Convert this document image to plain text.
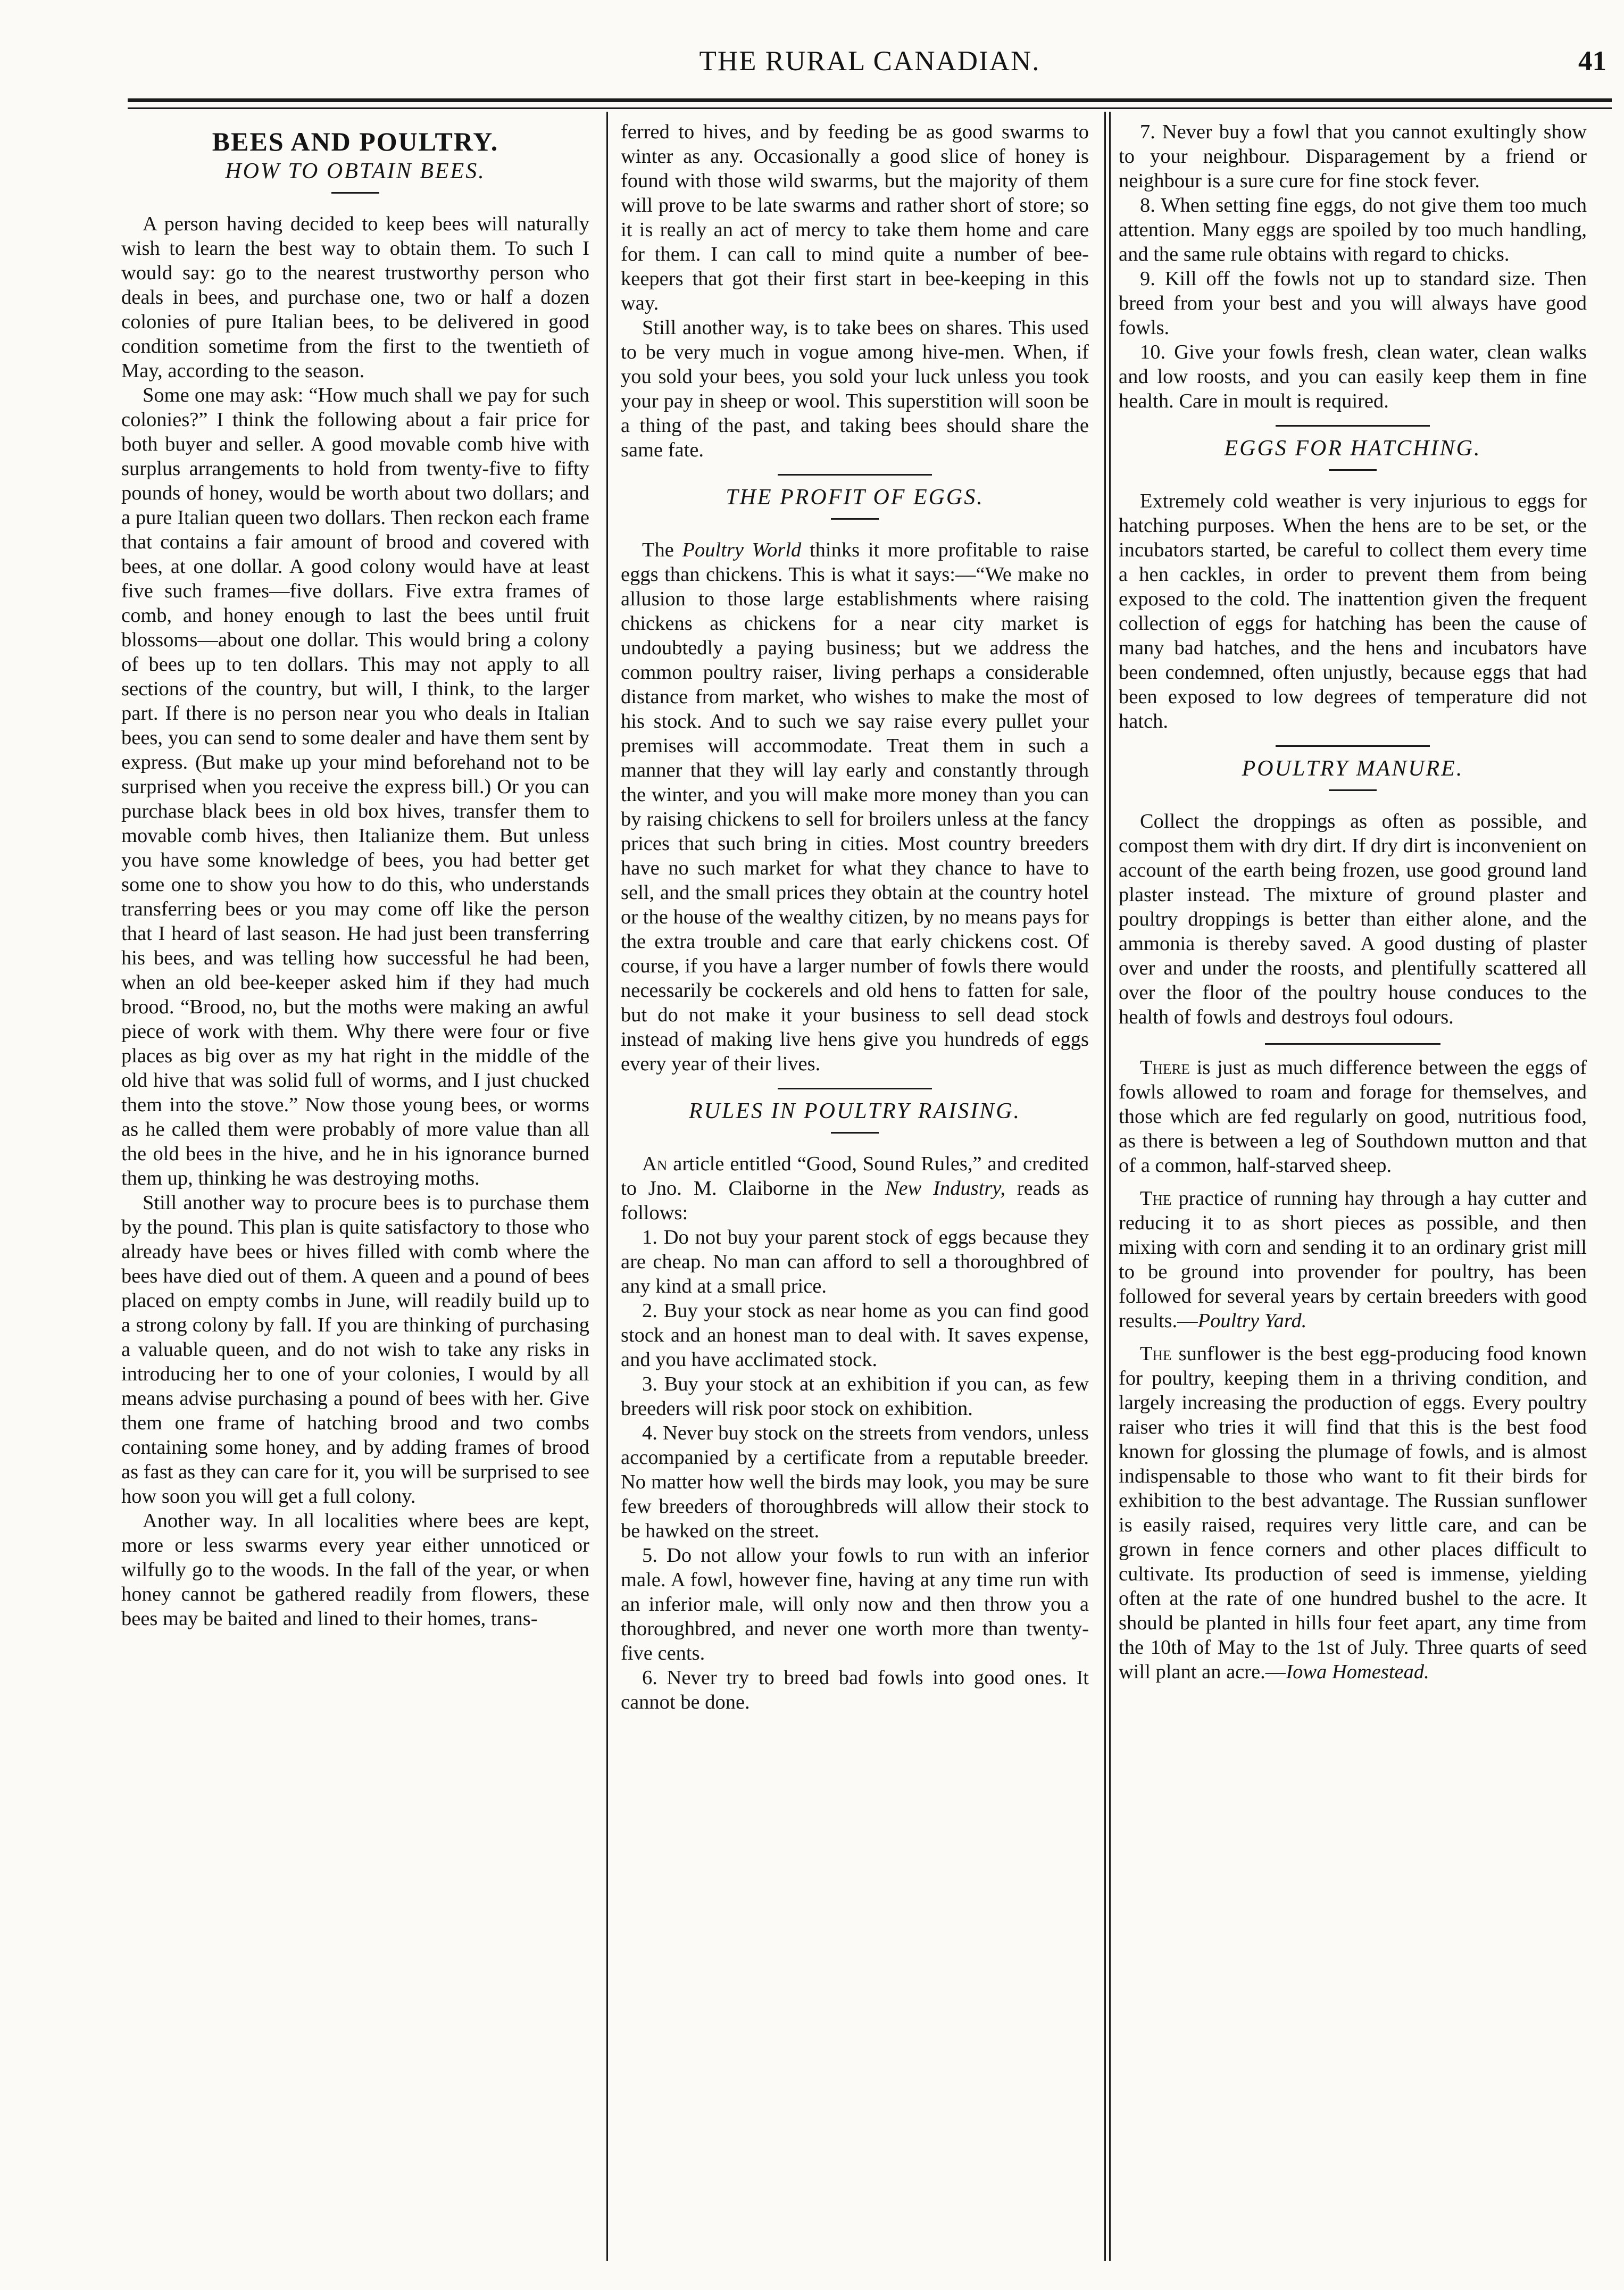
THE RURAL CANADIAN.	41
BEES AND POULTRY.
HOW TO OBTAIN BEES.

A person having decided to keep bees will naturally wish to learn the best way to obtain them. To such I would say: go to the nearest trustworthy person who deals in bees, and purchase one, two or half a dozen colonies of pure Italian bees, to be delivered in good condition sometime from the first to the twentieth of May, according to the season.

Some one may ask: “How much shall we pay for such colonies?” I think the following about a fair price for both buyer and seller. A good movable comb hive with surplus arrangements to hold from twenty-five to fifty pounds of honey, would be worth about two dollars; and a pure Italian queen two dollars. Then reckon each frame that contains a fair amount of brood and covered with bees, at one dollar. A good colony would have at least five such frames—five dollars. Five extra frames of comb, and honey enough to last the bees until fruit blossoms—about one dollar. This would bring a colony of bees up to ten dollars. This may not apply to all sections of the country, but will, I think, to the larger part. If there is no person near you who deals in Italian bees, you can send to some dealer and have them sent by express. (But make up your mind beforehand not to be surprised when you receive the express bill.) Or you can purchase black bees in old box hives, transfer them to movable comb hives, then Italianize them. But unless you have some knowledge of bees, you had better get some one to show you how to do this, who understands transferring bees or you may come off like the person that I heard of last season. He had just been transferring his bees, and was telling how successful he had been, when an old bee-keeper asked him if they had much brood. “Brood, no, but the moths were making an awful piece of work with them. Why there were four or five places as big over as my hat right in the middle of the old hive that was solid full of worms, and I just chucked them into the stove.” Now those young bees, or worms as he called them were probably of more value than all the old bees in the hive, and he in his ignorance burned them up, thinking he was destroying moths.

Still another way to procure bees is to purchase them by the pound. This plan is quite satisfactory to those who already have bees or hives filled with comb where the bees have died out of them. A queen and a pound of bees placed on empty combs in June, will readily build up to a strong colony by fall. If you are thinking of purchasing a valuable queen, and do not wish to take any risks in introducing her to one of your colonies, I would by all means advise purchasing a pound of bees with her. Give them one frame of hatching brood and two combs containing some honey, and by adding frames of brood as fast as they can care for it, you will be surprised to see how soon you will get a full colony.

Another way. In all localities where bees are kept, more or less swarms every year either unnoticed or wilfully go to the woods. In the fall of the year, or when honey cannot be gathered readily from flowers, these bees may be baited and lined to their homes, trans-

ferred to hives, and by feeding be as good swarms to winter as any. Occasionally a good slice of honey is found with those wild swarms, but the majority of them will prove to be late swarms and rather short of store; so it is really an act of mercy to take them home and care for them. I can call to mind quite a number of bee-keepers that got their first start in bee-keeping in this way.

Still another way, is to take bees on shares. This used to be very much in vogue among hive-men. When, if you sold your bees, you sold your luck unless you took your pay in sheep or wool. This superstition will soon be a thing of the past, and taking bees should share the same fate.

THE PROFIT OF EGGS.

The Poultry World thinks it more profitable to raise eggs than chickens. This is what it says:—“We make no allusion to those large establishments where raising chickens as chickens for a near city market is undoubtedly a paying business; but we address the common poultry raiser, living perhaps a considerable distance from market, who wishes to make the most of his stock. And to such we say raise every pullet your premises will accommodate. Treat them in such a manner that they will lay early and constantly through the winter, and you will make more money than you can by raising chickens to sell for broilers unless at the fancy prices that such bring in cities. Most country breeders have no such market for what they chance to have to sell, and the small prices they obtain at the country hotel or the house of the wealthy citizen, by no means pays for the extra trouble and care that early chickens cost. Of course, if you have a larger number of fowls there would necessarily be cockerels and old hens to fatten for sale, but do not make it your business to sell dead stock instead of making live hens give you hundreds of eggs every year of their lives.

RULES IN POULTRY RAISING.

An article entitled “Good, Sound Rules,” and credited to Jno. M. Claiborne in the New Industry, reads as follows:

1. Do not buy your parent stock of eggs because they are cheap. No man can afford to sell a thoroughbred of any kind at a small price.

2. Buy your stock as near home as you can find good stock and an honest man to deal with. It saves expense, and you have acclimated stock.

3. Buy your stock at an exhibition if you can, as few breeders will risk poor stock on exhibition.

4. Never buy stock on the streets from vendors, unless accompanied by a certificate from a reputable breeder. No matter how well the birds may look, you may be sure few breeders of thoroughbreds will allow their stock to be hawked on the street.

5. Do not allow your fowls to run with an inferior male. A fowl, however fine, having at any time run with an inferior male, will only now and then throw you a thoroughbred, and never one worth more than twenty-five cents.

6. Never try to breed bad fowls into good ones. It cannot be done.

7. Never buy a fowl that you cannot exultingly show to your neighbour. Disparagement by a friend or neighbour is a sure cure for fine stock fever.

8. When setting fine eggs, do not give them too much attention. Many eggs are spoiled by too much handling, and the same rule obtains with regard to chicks.

9. Kill off the fowls not up to standard size. Then breed from your best and you will always have good fowls.

10. Give your fowls fresh, clean water, clean walks and low roosts, and you can easily keep them in fine health. Care in moult is required.

EGGS FOR HATCHING.

Extremely cold weather is very injurious to eggs for hatching purposes. When the hens are to be set, or the incubators started, be careful to collect them every time a hen cackles, in order to prevent them from being exposed to the cold. The inattention given the frequent collection of eggs for hatching has been the cause of many bad hatches, and the hens and incubators have been condemned, often unjustly, because eggs that had been exposed to low degrees of temperature did not hatch.

POULTRY MANURE.

Collect the droppings as often as possible, and compost them with dry dirt. If dry dirt is inconvenient on account of the earth being frozen, use good ground land plaster instead. The mixture of ground plaster and poultry droppings is better than either alone, and the ammonia is thereby saved. A good dusting of plaster over and under the roosts, and plentifully scattered all over the floor of the poultry house conduces to the health of fowls and destroys foul odours.

There is just as much difference between the eggs of fowls allowed to roam and forage for themselves, and those which are fed regularly on good, nutritious food, as there is between a leg of Southdown mutton and that of a common, half-starved sheep.

The practice of running hay through a hay cutter and reducing it to as short pieces as possible, and then mixing with corn and sending it to an ordinary grist mill to be ground into provender for poultry, has been followed for several years by certain breeders with good results.—Poultry Yard.

The sunflower is the best egg-producing food known for poultry, keeping them in a thriving condition, and largely increasing the production of eggs. Every poultry raiser who tries it will find that this is the best food known for glossing the plumage of fowls, and is almost indispensable to those who want to fit their birds for exhibition to the best advantage. The Russian sunflower is easily raised, requires very little care, and can be grown in fence corners and other places difficult to cultivate. Its production of seed is immense, yielding often at the rate of one hundred bushel to the acre. It should be planted in hills four feet apart, any time from the 10th of May to the 1st of July. Three quarts of seed will plant an acre.—Iowa Homestead.
